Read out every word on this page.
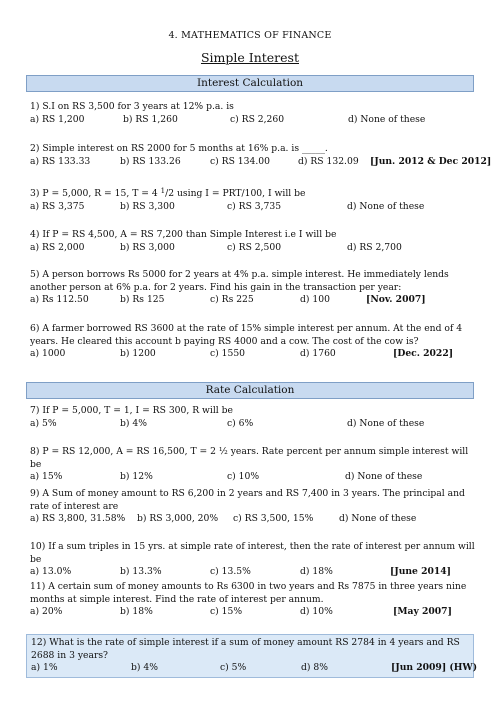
4. MATHEMATICS OF FINANCE
Simple Interest
Interest Calculation
1) S.I on RS 3,500 for 3 years at 12% p.a. is
a) RS 1,200	b) RS 1,260	c) RS 2,260	d) None of these
2) Simple interest on RS 2000 for 5 months at 16% p.a. is _____.
a) RS 133.33	b) RS 133.26	c) RS 134.00	d) RS 132.09 [Jun. 2012 & Dec 2012]
3) P = 5,000, R = 15, T = 4 $^1$/2 using I = PRT/100, I will be
a) RS 3,375	b) RS 3,300	c) RS 3,735	d) None of these
4) If P = RS 4,500, A = RS 7,200 than Simple Interest i.e I will be
a) RS 2,000	b) RS 3,000	c) RS 2,500	d) RS 2,700
5) A person borrows Rs 5000 for 2 years at 4% p.a. simple interest. He immediately lends another person at 6% p.a. for 2 years. Find his gain in the transaction per year:
a) Rs 112.50	b) Rs 125	c) Rs 225	d) 100	[Nov. 2007]
6) A farmer borrowed RS 3600 at the rate of 15% simple interest per annum. At the end of 4 years. He cleared this account b paying RS 4000 and a cow. The cost of the cow is?
a) 1000	b) 1200	c) 1550	d) 1760	[Dec. 2022]
Rate Calculation
7) If P = 5,000, T = 1, I = RS 300, R will be
a) 5%	b) 4%	c) 6%	d) None of these
8) P = RS 12,000, A = RS 16,500, T = 2 ½ years. Rate percent per annum simple interest will be
a) 15%	b) 12%	c) 10%	d) None of these
9) A Sum of money amount to RS 6,200 in 2 years and RS 7,400 in 3 years. The principal and rate of interest are
a) RS 3,800, 31.58% b) RS 3,000, 20% c) RS 3,500, 15%	d) None of these
10) If a sum triples in 15 yrs. at simple rate of interest, then the rate of interest per annum will be
a) 13.0%	b) 13.3%	c) 13.5%	d) 18%	[June 2014]
11) A certain sum of money amounts to Rs 6300 in two years and Rs 7875 in three years nine months at simple interest. Find the rate of interest per annum.
a) 20%	b) 18%	c) 15%	d) 10%	[May 2007]
12) What is the rate of simple interest if a sum of money amount RS 2784 in 4 years and RS 2688 in 3 years?
a) 1%	b) 4%	c) 5%	d) 8%	[Jun 2009] (HW)
